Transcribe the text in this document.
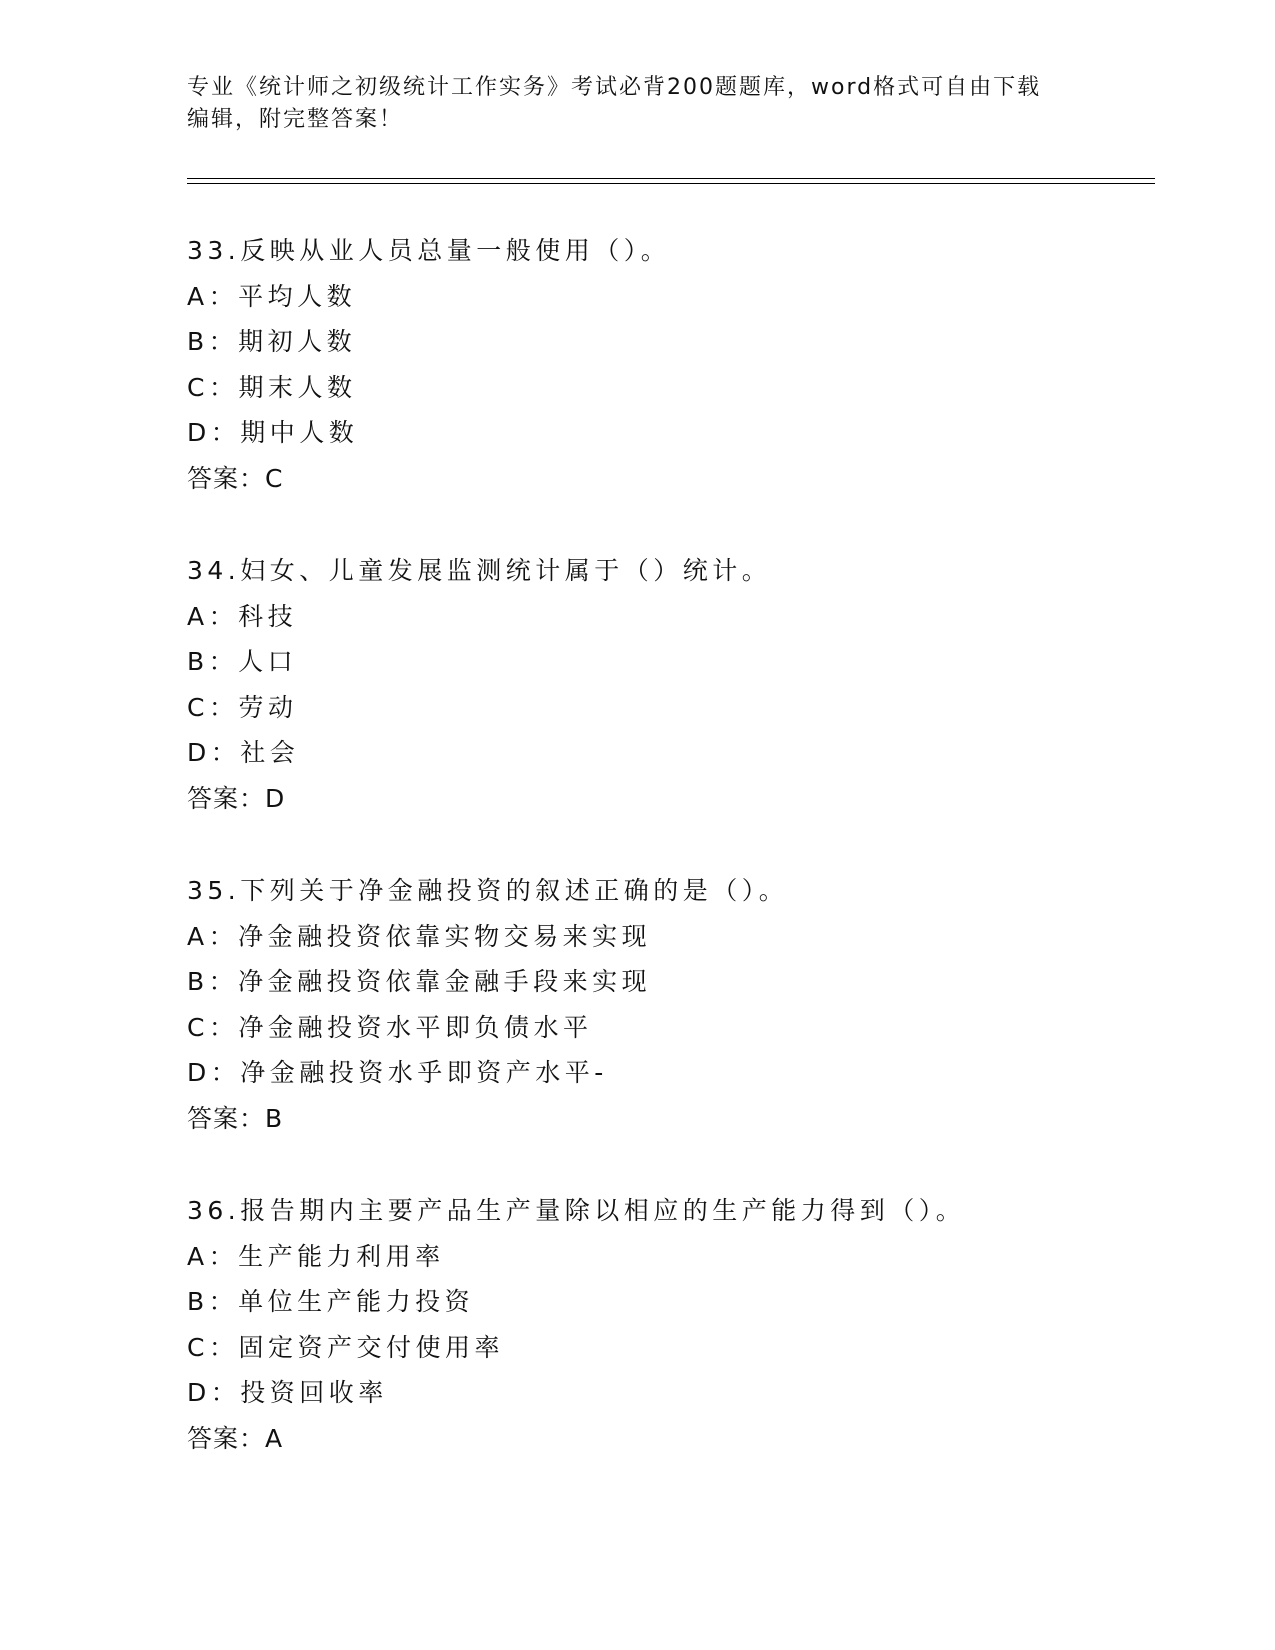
专业《统计师之初级统计工作实务》考试必背200题题库，word格式可自由下载
编辑，附完整答案！
33.反映从业人员总量一般使用（）。
A：平均人数
B：期初人数
C：期末人数
D：期中人数
答案：C
34.妇女、儿童发展监测统计属于（）统计。
A：科技
B：人口
C：劳动
D：社会
答案：D
35.下列关于净金融投资的叙述正确的是（）。
A：净金融投资依靠实物交易来实现
B：净金融投资依靠金融手段来实现
C：净金融投资水平即负债水平
D：净金融投资水乎即资产水平-
答案：B
36.报告期内主要产品生产量除以相应的生产能力得到（）。
A：生产能力利用率
B：单位生产能力投资
C：固定资产交付使用率
D：投资回收率
答案：A
